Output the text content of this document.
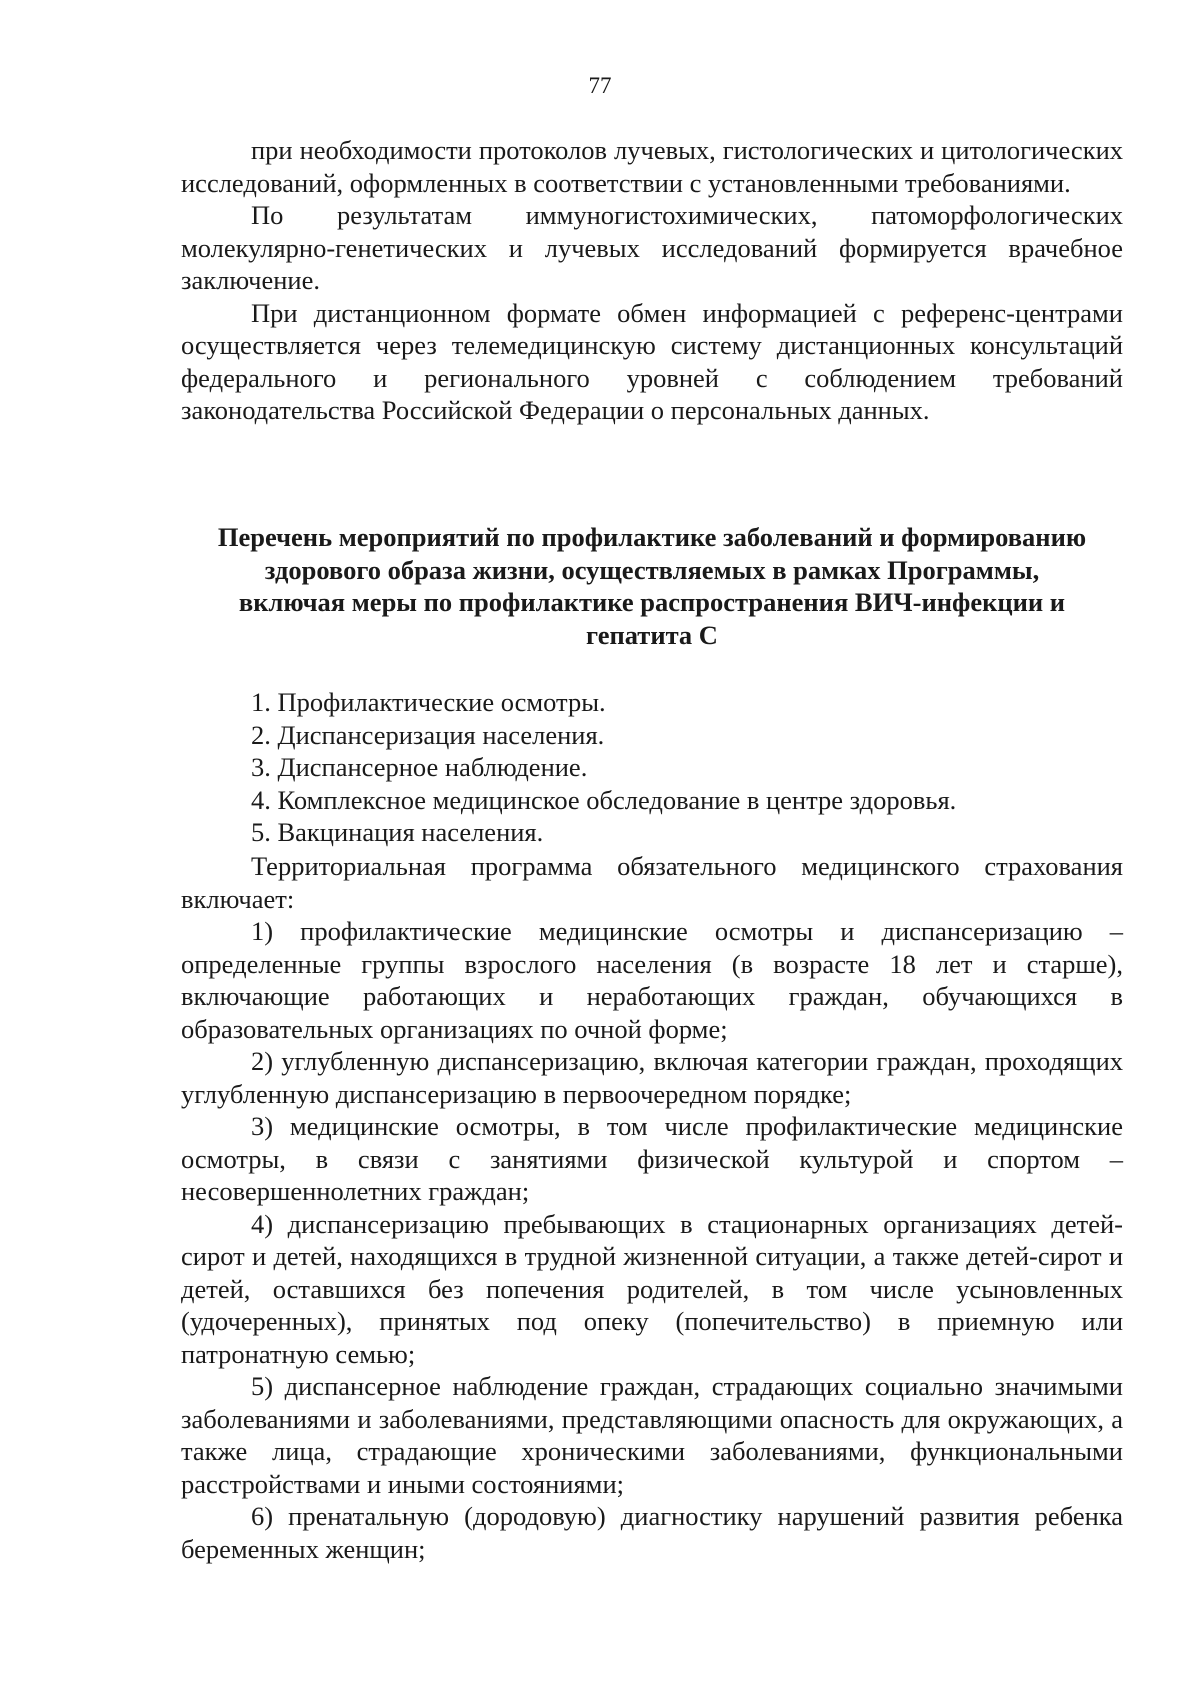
77

при необходимости протоколов лучевых, гистологических и цитологических исследований, оформленных в соответствии с установленными требованиями.

По результатам иммуногистохимических, патоморфологических молекулярно-генетических и лучевых исследований формируется врачебное заключение.

При дистанционном формате обмен информацией с референс-центрами осуществляется через телемедицинскую систему дистанционных консультаций федерального и регионального уровней с соблюдением требований законодательства Российской Федерации о персональных данных.

Перечень мероприятий по профилактике заболеваний и формированию
здорового образа жизни, осуществляемых в рамках Программы,
включая меры по профилактике распространения ВИЧ-инфекции и
гепатита С
1. Профилактические осмотры.
2. Диспансеризация населения.
3. Диспансерное наблюдение.
4. Комплексное медицинское обследование в центре здоровья.
5. Вакцинация населения.

Территориальная программа обязательного медицинского страхования включает:

1) профилактические медицинские осмотры и диспансеризацию – определенные группы взрослого населения (в возрасте 18 лет и старше), включающие работающих и неработающих граждан, обучающихся в образовательных организациях по очной форме;

2) углубленную диспансеризацию, включая категории граждан, проходящих углубленную диспансеризацию в первоочередном порядке;

3) медицинские осмотры, в том числе профилактические медицинские осмотры, в связи с занятиями физической культурой и спортом – несовершеннолетних граждан;

4) диспансеризацию пребывающих в стационарных организациях детей-сирот и детей, находящихся в трудной жизненной ситуации, а также детей-сирот и детей, оставшихся без попечения родителей, в том числе усыновленных (удочеренных), принятых под опеку (попечительство) в приемную или патронатную семью;

5) диспансерное наблюдение граждан, страдающих социально значимыми заболеваниями и заболеваниями, представляющими опасность для окружающих, а также лица, страдающие хроническими заболеваниями, функциональными расстройствами и иными состояниями;

6) пренатальную (дородовую) диагностику нарушений развития ребенка беременных женщин;
